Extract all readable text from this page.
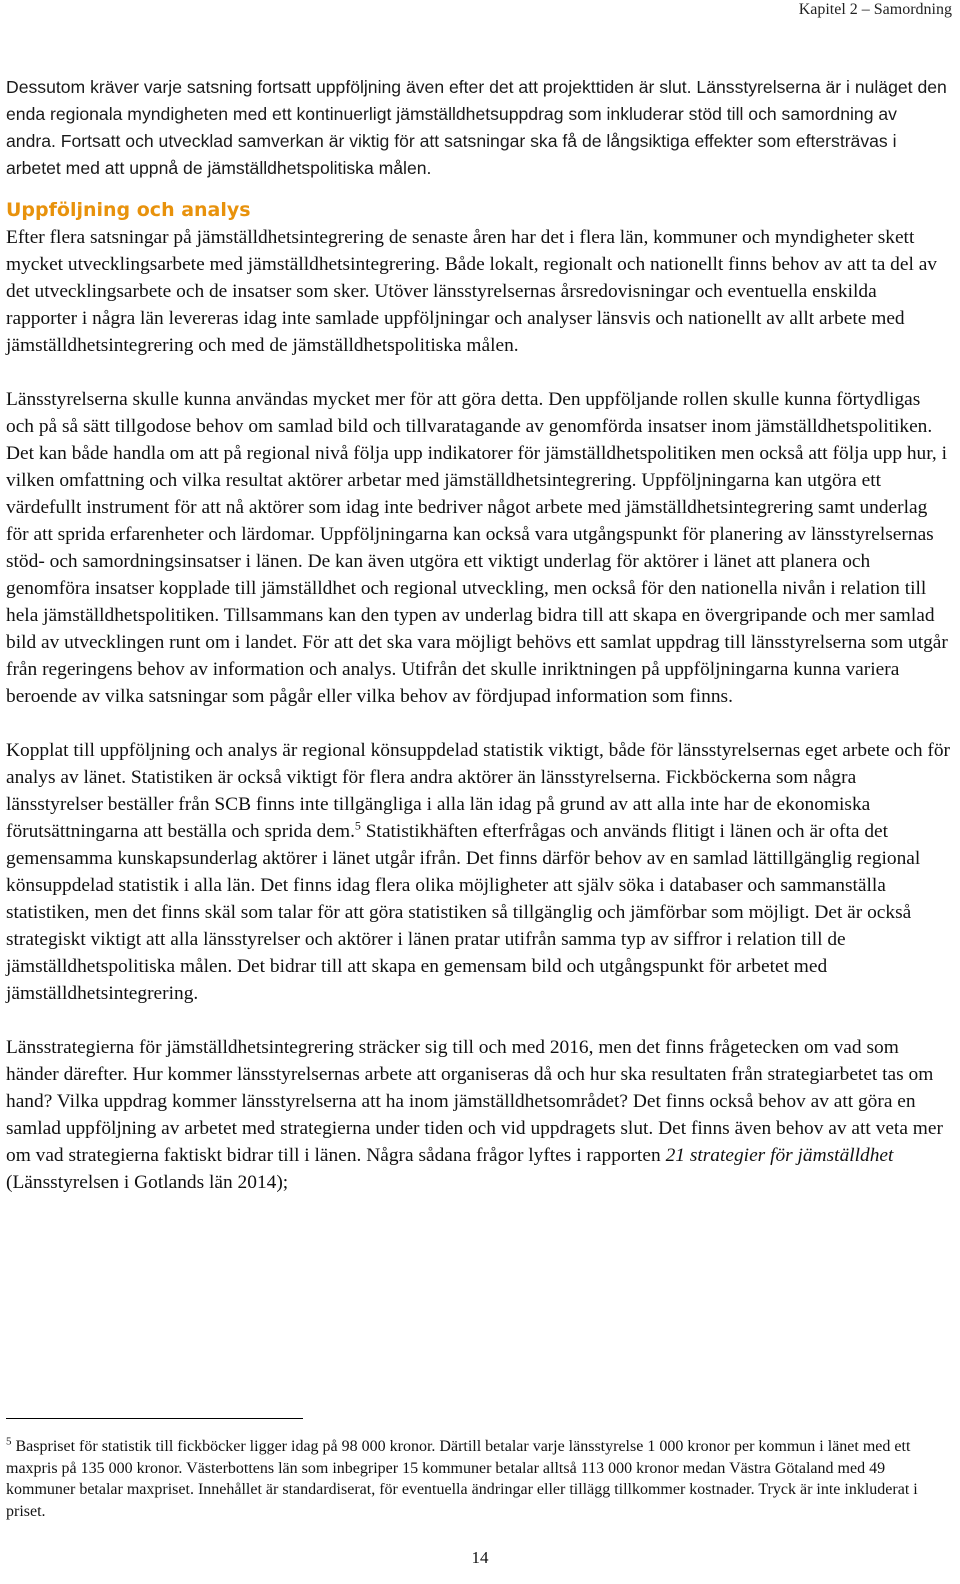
Kapitel 2 – Samordning

Dessutom kräver varje satsning fortsatt uppföljning även efter det att projekttiden är slut. Länsstyrelserna är i nuläget den enda regionala myndigheten med ett kontinuerligt jämställdhetsuppdrag som inkluderar stöd till och samordning av andra. Fortsatt och utvecklad samverkan är viktig för att satsningar ska få de långsiktiga effekter som eftersträvas i arbetet med att uppnå de jämställdhetspolitiska målen.

Uppföljning och analys

Efter flera satsningar på jämställdhetsintegrering de senaste åren har det i flera län, kommuner och myndigheter skett mycket utvecklingsarbete med jämställdhetsintegrering. Både lokalt, regionalt och nationellt finns behov av att ta del av det utvecklingsarbete och de insatser som sker. Utöver länsstyrelsernas årsredovisningar och eventuella enskilda rapporter i några län levereras idag inte samlade uppföljningar och analyser länsvis och nationellt av allt arbete med jämställdhetsintegrering och med de jämställdhetspolitiska målen.

Länsstyrelserna skulle kunna användas mycket mer för att göra detta. Den uppföljande rollen skulle kunna förtydligas och på så sätt tillgodose behov om samlad bild och tillvaratagande av genomförda insatser inom jämställdhetspolitiken. Det kan både handla om att på regional nivå följa upp indikatorer för jämställdhetspolitiken men också att följa upp hur, i vilken omfattning och vilka resultat aktörer arbetar med jämställdhetsintegrering. Uppföljningarna kan utgöra ett värdefullt instrument för att nå aktörer som idag inte bedriver något arbete med jämställdhetsintegrering samt underlag för att sprida erfarenheter och lärdomar. Uppföljningarna kan också vara utgångspunkt för planering av länsstyrelsernas stöd- och samordningsinsatser i länen. De kan även utgöra ett viktigt underlag för aktörer i länet att planera och genomföra insatser kopplade till jämställdhet och regional utveckling, men också för den nationella nivån i relation till hela jämställdhetspolitiken. Tillsammans kan den typen av underlag bidra till att skapa en övergripande och mer samlad bild av utvecklingen runt om i landet. För att det ska vara möjligt behövs ett samlat uppdrag till länsstyrelserna som utgår från regeringens behov av information och analys. Utifrån det skulle inriktningen på uppföljningarna kunna variera beroende av vilka satsningar som pågår eller vilka behov av fördjupad information som finns.

Kopplat till uppföljning och analys är regional könsuppdelad statistik viktigt, både för länsstyrelsernas eget arbete och för analys av länet. Statistiken är också viktigt för flera andra aktörer än länsstyrelserna. Fickböckerna som några länsstyrelser beställer från SCB finns inte tillgängliga i alla län idag på grund av att alla inte har de ekonomiska förutsättningarna att beställa och sprida dem.$^5$ Statistikhäften efterfrågas och används flitigt i länen och är ofta det gemensamma kunskapsunderlag aktörer i länet utgår ifrån. Det finns därför behov av en samlad lättillgänglig regional könsuppdelad statistik i alla län. Det finns idag flera olika möjligheter att själv söka i databaser och sammanställa statistiken, men det finns skäl som talar för att göra statistiken så tillgänglig och jämförbar som möjligt. Det är också strategiskt viktigt att alla länsstyrelser och aktörer i länen pratar utifrån samma typ av siffror i relation till de jämställdhetspolitiska målen. Det bidrar till att skapa en gemensam bild och utgångspunkt för arbetet med jämställdhetsintegrering.

Länsstrategierna för jämställdhetsintegrering sträcker sig till och med 2016, men det finns frågetecken om vad som händer därefter. Hur kommer länsstyrelsernas arbete att organiseras då och hur ska resultaten från strategiarbetet tas om hand? Vilka uppdrag kommer länsstyrelserna att ha inom jämställdhetsområdet? Det finns också behov av att göra en samlad uppföljning av arbetet med strategierna under tiden och vid uppdragets slut. Det finns även behov av att veta mer om vad strategierna faktiskt bidrar till i länen. Några sådana frågor lyftes i rapporten 21 strategier för jämställdhet (Länsstyrelsen i Gotlands län 2014);

$^5$ Baspriset för statistik till fickböcker ligger idag på 98 000 kronor. Därtill betalar varje länsstyrelse 1 000 kronor per kommun i länet med ett maxpris på 135 000 kronor. Västerbottens län som inbegriper 15 kommuner betalar alltså 113 000 kronor medan Västra Götaland med 49 kommuner betalar maxpriset. Innehållet är standardiserat, för eventuella ändringar eller tillägg tillkommer kostnader. Tryck är inte inkluderat i priset.
14
